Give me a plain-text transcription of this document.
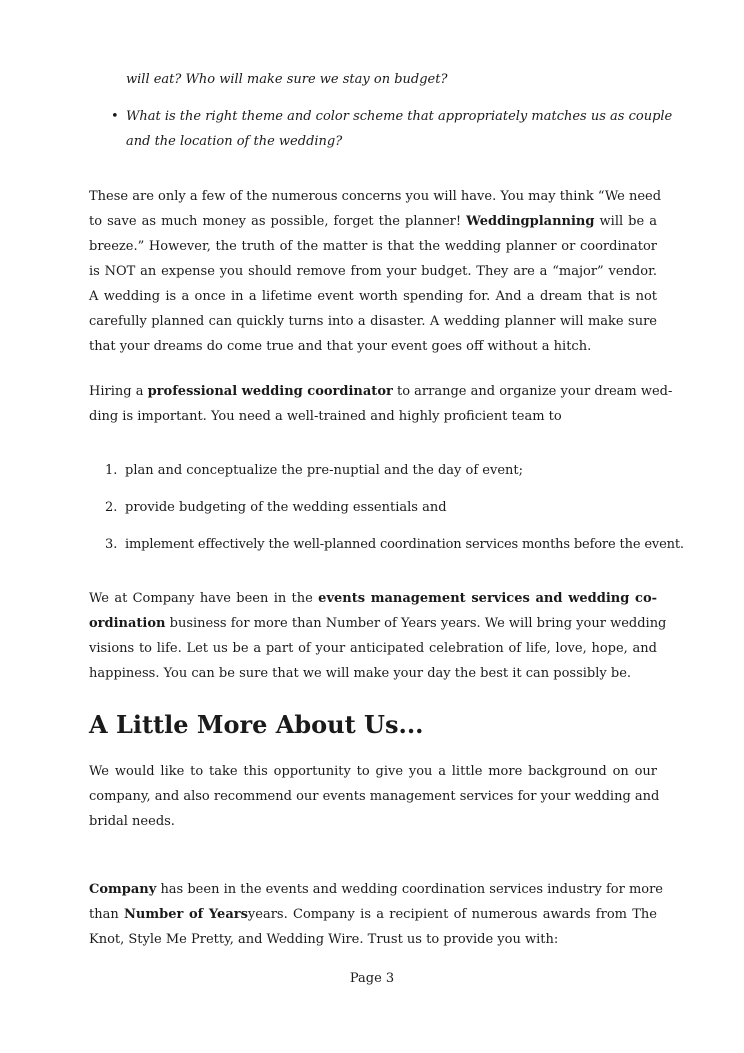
will eat? Who will make sure we stay on budget?
• What is the right theme and color scheme that appropriately matches us as couple
and the location of the wedding?
These are only a few of the numerous concerns you will have. You may think “We need
to save as much money as possible, forget the planner! Weddingplanning will be a
breeze.” However, the truth of the matter is that the wedding planner or coordinator
is NOT an expense you should remove from your budget. They are a “major” vendor.
A wedding is a once in a lifetime event worth spending for. And a dream that is not
carefully planned can quickly turns into a disaster. A wedding planner will make sure
that your dreams do come true and that your event goes off without a hitch.
Hiring a professional wedding coordinator to arrange and organize your dream wed-
ding is important. You need a well-trained and highly proficient team to
1. plan and conceptualize the pre-nuptial and the day of event;
2. provide budgeting of the wedding essentials and
3. implement effectively the well-planned coordination services months before the event.
We at Company have been in the events management services and wedding co-
ordination business for more than Number of Years years. We will bring your wedding
visions to life. Let us be a part of your anticipated celebration of life, love, hope, and
happiness. You can be sure that we will make your day the best it can possibly be.
A Little More About Us...
We would like to take this opportunity to give you a little more background on our
company, and also recommend our events management services for your wedding and
bridal needs.
Company has been in the events and wedding coordination services industry for more
than Number of Yearsyears. Company is a recipient of numerous awards from The
Knot, Style Me Pretty, and Wedding Wire. Trust us to provide you with:
Page 3
